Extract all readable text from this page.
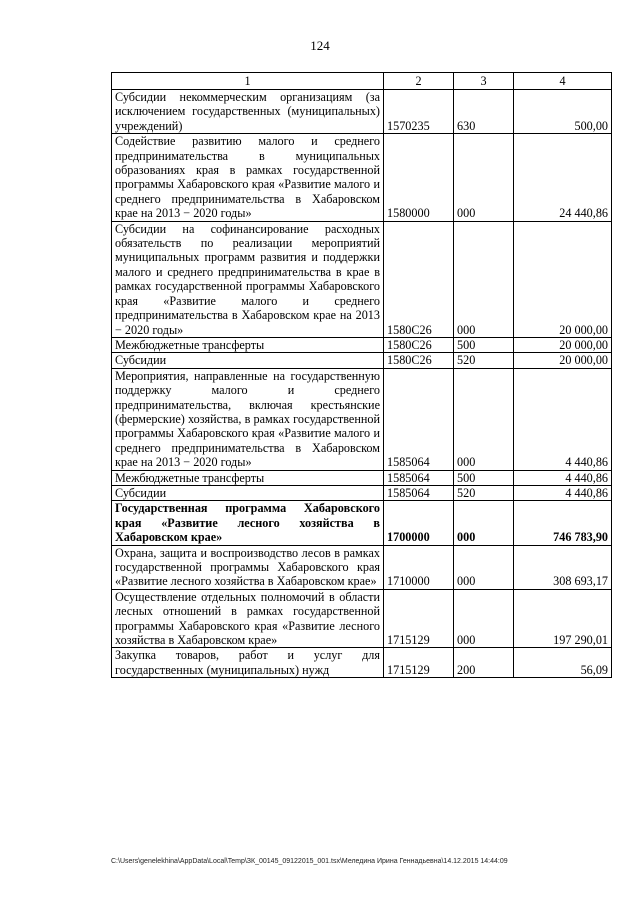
124
1	2	3	4
Субсидии некоммерческим организациям (за исключением государственных (муниципальных) учреждений)	1570235	630	500,00
Содействие развитию малого и среднего предпринимательства в муниципальных образованиях края в рамках государственной программы Хабаровского края «Развитие малого и среднего предпринимательства в Хабаровском крае на 2013 − 2020 годы»	1580000	000	24 440,86
Субсидии на софинансирование расходных обязательств по реализации мероприятий муниципальных программ развития и поддержки малого и среднего предпринимательства в крае в рамках государственной программы Хабаровского края «Развитие малого и среднего предпринимательства в Хабаровском крае на 2013 − 2020 годы»	1580С26	000	20 000,00
Межбюджетные трансферты	1580С26	500	20 000,00
Субсидии	1580С26	520	20 000,00
Мероприятия, направленные на государственную поддержку малого и среднего предпринимательства, включая крестьянские (фермерские) хозяйства, в рамках государственной программы Хабаровского края «Развитие малого и среднего предпринимательства в Хабаровском крае на 2013 − 2020 годы»	1585064	000	4 440,86
Межбюджетные трансферты	1585064	500	4 440,86
Субсидии	1585064	520	4 440,86
Государственная программа Хабаровского края «Развитие лесного хозяйства в Хабаровском крае»	1700000	000	746 783,90
Охрана, защита и воспроизводство лесов в рамках государственной программы Хабаровского края «Развитие лесного хозяйства в Хабаровском крае»	1710000	000	308 693,17
Осуществление отдельных полномочий в области лесных отношений в рамках государственной программы Хабаровского края «Развитие лесного хозяйства в Хабаровском крае»	1715129	000	197 290,01
Закупка товаров, работ и услуг для государственных (муниципальных) нужд	1715129	200	56,09
C:\Users\genelekhina\AppData\Local\Temp\ЗК_00145_09122015_001.tsx\Меледина Ирина Геннадьевна\14.12.2015 14:44:09
